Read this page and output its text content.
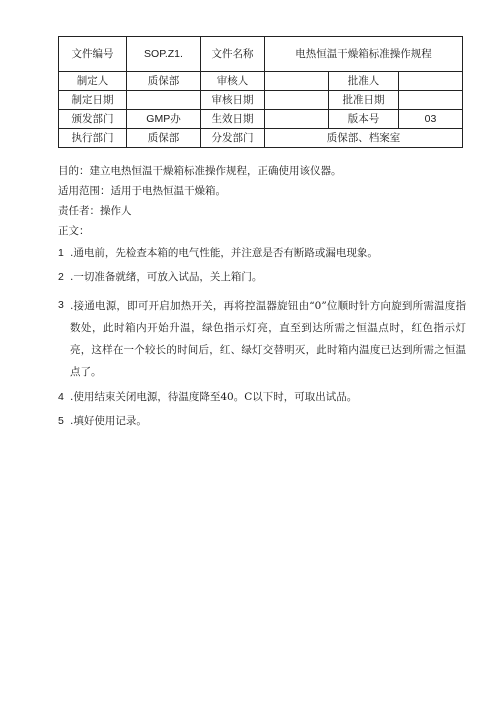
文件编号	SOP.Z1.	文件名称	电热恒温干燥箱标准操作规程		
制定人	质保部	审核人		批准人	
制定日期		审核日期		批准日期	
颁发部门	GMP办	生效日期		版本号	03
执行部门	质保部	分发部门	质保部、档案室		
目的：建立电热恒温干燥箱标准操作规程，正确使用该仪器。
适用范围：适用于电热恒温干燥箱。
责任者：操作人
正文：
1 .通电前，先检查本箱的电气性能，并注意是否有断路或漏电现象。
2 .一切准备就绪，可放入试品，关上箱门。
3 .接通电源，即可开启加热开关，再将控温器旋钮由“0”位顺时针方向旋到所需温度指数处，此时箱内开始升温，绿色指示灯亮，直至到达所需之恒温点时，红色指示灯亮，这样在一个较长的时间后，红、绿灯交替明灭，此时箱内温度已达到所需之恒温点了。
4 .使用结束关闭电源，待温度降至40。C以下时，可取出试品。
5 .填好使用记录。
